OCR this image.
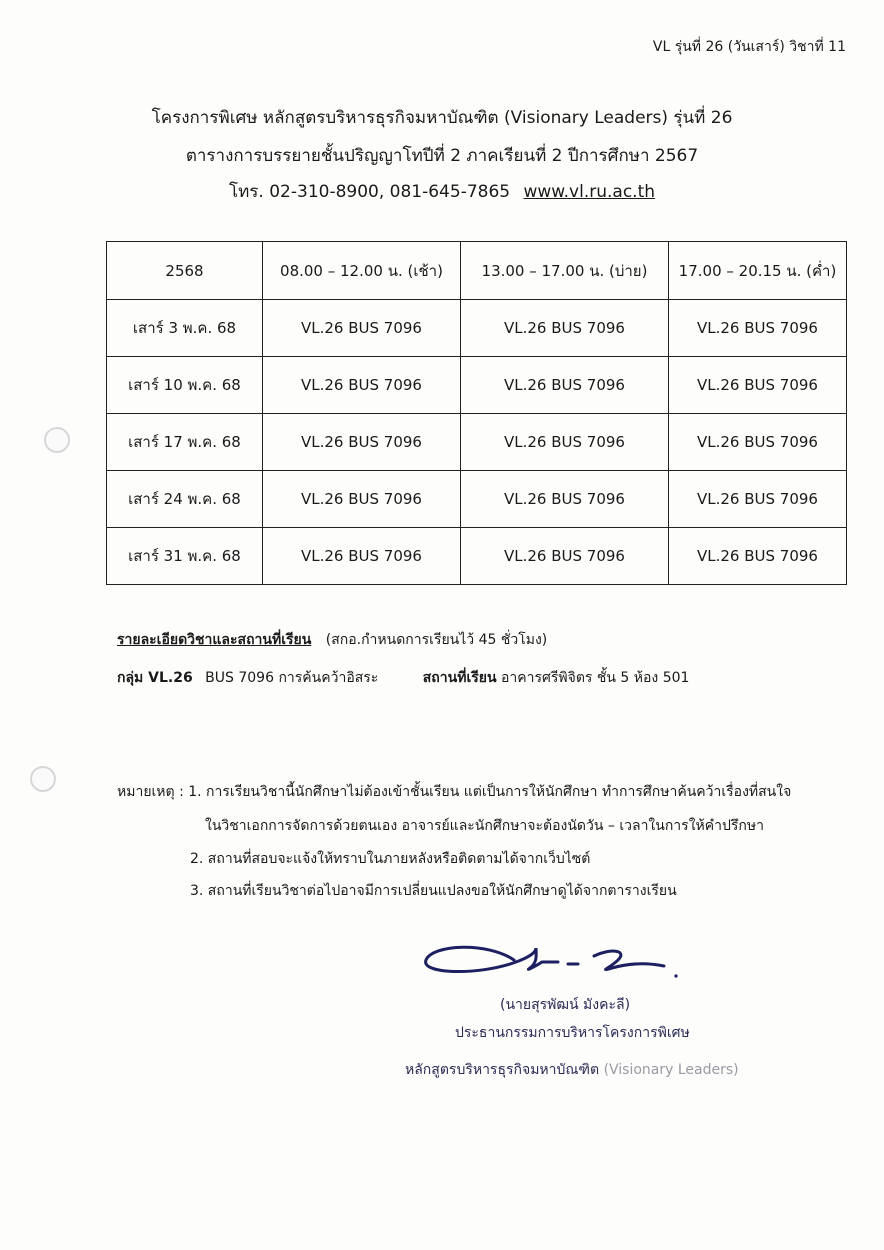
VL รุ่นที่ 26 (วันเสาร์) วิชาที่ 11
โครงการพิเศษ หลักสูตรบริหารธุรกิจมหาบัณฑิต (Visionary Leaders) รุ่นที่ 26
ตารางการบรรยายชั้นปริญญาโทปีที่ 2 ภาคเรียนที่ 2 ปีการศึกษา 2567
โทร. 02-310-8900, 081-645-7865 www.vl.ru.ac.th
2568	08.00 – 12.00 น. (เช้า)	13.00 – 17.00 น. (บ่าย)	17.00 – 20.15 น. (ค่ำ)
เสาร์ 3 พ.ค. 68	VL.26 BUS 7096	VL.26 BUS 7096	VL.26 BUS 7096
เสาร์ 10 พ.ค. 68	VL.26 BUS 7096	VL.26 BUS 7096	VL.26 BUS 7096
เสาร์ 17 พ.ค. 68	VL.26 BUS 7096	VL.26 BUS 7096	VL.26 BUS 7096
เสาร์ 24 พ.ค. 68	VL.26 BUS 7096	VL.26 BUS 7096	VL.26 BUS 7096
เสาร์ 31 พ.ค. 68	VL.26 BUS 7096	VL.26 BUS 7096	VL.26 BUS 7096
รายละเอียดวิชาและสถานที่เรียน (สกอ.กำหนดการเรียนไว้ 45 ชั่วโมง)
กลุ่ม VL.26 BUS 7096 การค้นคว้าอิสระ	สถานที่เรียน อาคารศรีพิจิตร ชั้น 5 ห้อง 501
หมายเหตุ : 1. การเรียนวิชานี้นักศึกษาไม่ต้องเข้าชั้นเรียน แต่เป็นการให้นักศึกษา ทำการศึกษาค้นคว้าเรื่องที่สนใจ
ในวิชาเอกการจัดการด้วยตนเอง อาจารย์และนักศึกษาจะต้องนัดวัน – เวลาในการให้คำปรึกษา
2. สถานที่สอบจะแจ้งให้ทราบในภายหลังหรือติดตามได้จากเว็บไซต์
3. สถานที่เรียนวิชาต่อไปอาจมีการเปลี่ยนแปลงขอให้นักศึกษาดูได้จากตารางเรียน
(นายสุรพัฒน์ มังคะลี)
ประธานกรรมการบริหารโครงการพิเศษ
หลักสูตรบริหารธุรกิจมหาบัณฑิต (Visionary Leaders)
